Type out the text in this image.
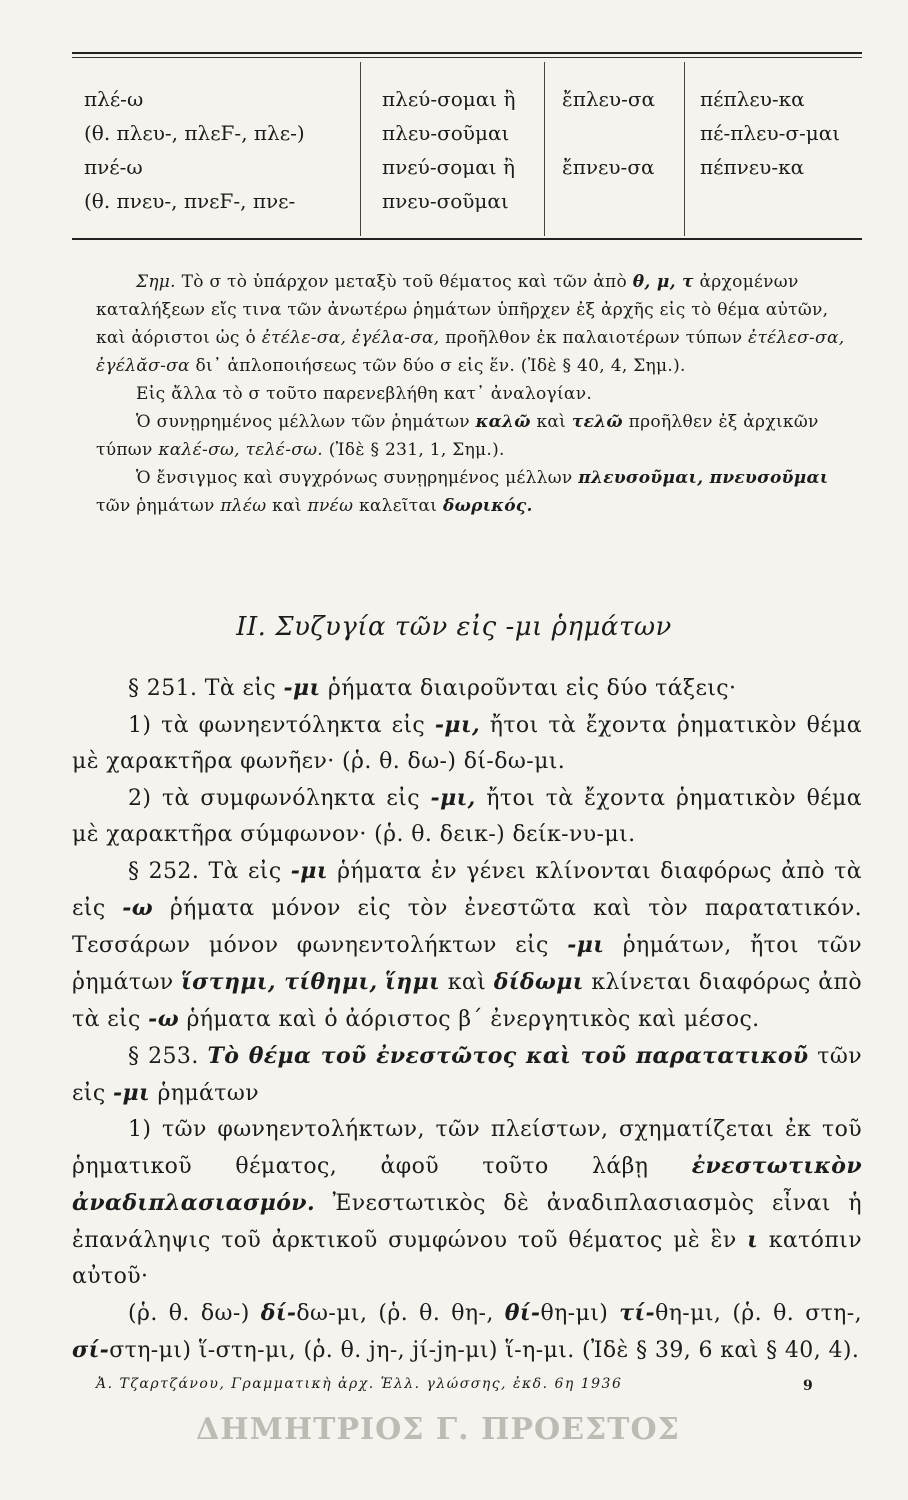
πλέ-ω
(θ. πλευ-, πλεϜ-, πλε-)
πνέ-ω
(θ. πνευ-, πνεϜ-, πνε-
πλεύ-σομαι ἢ
πλευ-σοῦμαι
πνεύ-σομαι ἢ
πνευ-σοῦμαι
ἔπλευ-σα

ἔπνευ-σα

πέπλευ-κα
πέ-πλευ-σ-μαι
πέπνευ-κα

Σημ. Τὸ σ τὸ ὑπάρχον μεταξὺ τοῦ θέματος καὶ τῶν ἀπὸ θ, μ, τ ἀρχομένων καταλήξεων εἴς τινα τῶν ἀνωτέρω ῥημάτων ὑπῆρχεν ἐξ ἀρχῆς εἰς τὸ θέμα αὐτῶν, καὶ ἀόριστοι ὡς ὁ ἐτέλε-σα, ἐγέλα-σα, προῆλθον ἐκ παλαιοτέρων τύπων ἐτέλεσ-σα, ἐγέλᾰσ-σα δι᾿ ἁπλοποιήσεως τῶν δύο σ εἰς ἕν. (Ἰδὲ § 40, 4, Σημ.).

Εἰς ἄλλα τὸ σ τοῦτο παρενεβλήθη κατ᾿ ἀναλογίαν.

Ὁ συνῃρημένος μέλλων τῶν ῥημάτων καλῶ καὶ τελῶ προῆλθεν ἐξ ἀρχικῶν τύπων καλέ-σω, τελέ-σω. (Ἰδὲ § 231, 1, Σημ.).

Ὁ ἔνσιγμος καὶ συγχρόνως συνῃρημένος μέλλων πλευσοῦμαι, πνευσοῦμαι τῶν ῥημάτων πλέω καὶ πνέω καλεῖται δωρικός.

II. Συζυγία τῶν εἰς -μι ῥημάτων

§ 251. Τὰ εἰς -μι ῥήματα διαιροῦνται εἰς δύο τάξεις·

1) τὰ φωνηεντόληκτα εἰς -μι, ἤτοι τὰ ἔχοντα ῥηματικὸν θέμα μὲ χαρακτῆρα φωνῆεν· (ῥ. θ. δω-) δί-δω-μι.

2) τὰ συμφωνόληκτα εἰς -μι, ἤτοι τὰ ἔχοντα ῥηματικὸν θέμα μὲ χαρακτῆρα σύμφωνον· (ῥ. θ. δεικ-) δείκ-νυ-μι.

§ 252. Τὰ εἰς -μι ῥήματα ἐν γένει κλίνονται διαφόρως ἀπὸ τὰ εἰς -ω ῥήματα μόνον εἰς τὸν ἐνεστῶτα καὶ τὸν παρατατικόν. Τεσσάρων μόνον φωνηεντολήκτων εἰς -μι ῥημάτων, ἤτοι τῶν ῥημάτων ἵστημι, τίθημι, ἵημι καὶ δίδωμι κλίνεται διαφόρως ἀπὸ τὰ εἰς -ω ῥήματα καὶ ὁ ἀόριστος β΄ ἐνεργητικὸς καὶ μέσος.

§ 253. Τὸ θέμα τοῦ ἐνεστῶτος καὶ τοῦ παρατατικοῦ τῶν εἰς -μι ῥημάτων

1) τῶν φωνηεντολήκτων, τῶν πλείστων, σχηματίζεται ἐκ τοῦ ῥηματικοῦ θέματος, ἀφοῦ τοῦτο λάβῃ ἐνεστωτικὸν ἀναδιπλασιασμόν. Ἐνεστωτικὸς δὲ ἀναδιπλασιασμὸς εἶναι ἡ ἐπανάληψις τοῦ ἀρκτικοῦ συμφώνου τοῦ θέματος μὲ ἓν ι κατόπιν αὐτοῦ·

(ῥ. θ. δω-) δί-δω-μι, (ῥ. θ. θη-, θί-θη-μι) τί-θη-μι, (ῥ. θ. στη-, σί-στη-μι) ἵ-στη-μι, (ῥ. θ. jη-, jί-jη-μι) ἵ-η-μι. (Ἰδὲ § 39, 6 καὶ § 40, 4).

Ἀ. Τζαρτζάνου, Γραμματικὴ ἀρχ. Ἑλλ. γλώσσης, ἐκδ. 6η 1936	9
ΔΗΜΗΤΡΙΟΣ Γ. ΠΡΟΕΣΤΟΣ
